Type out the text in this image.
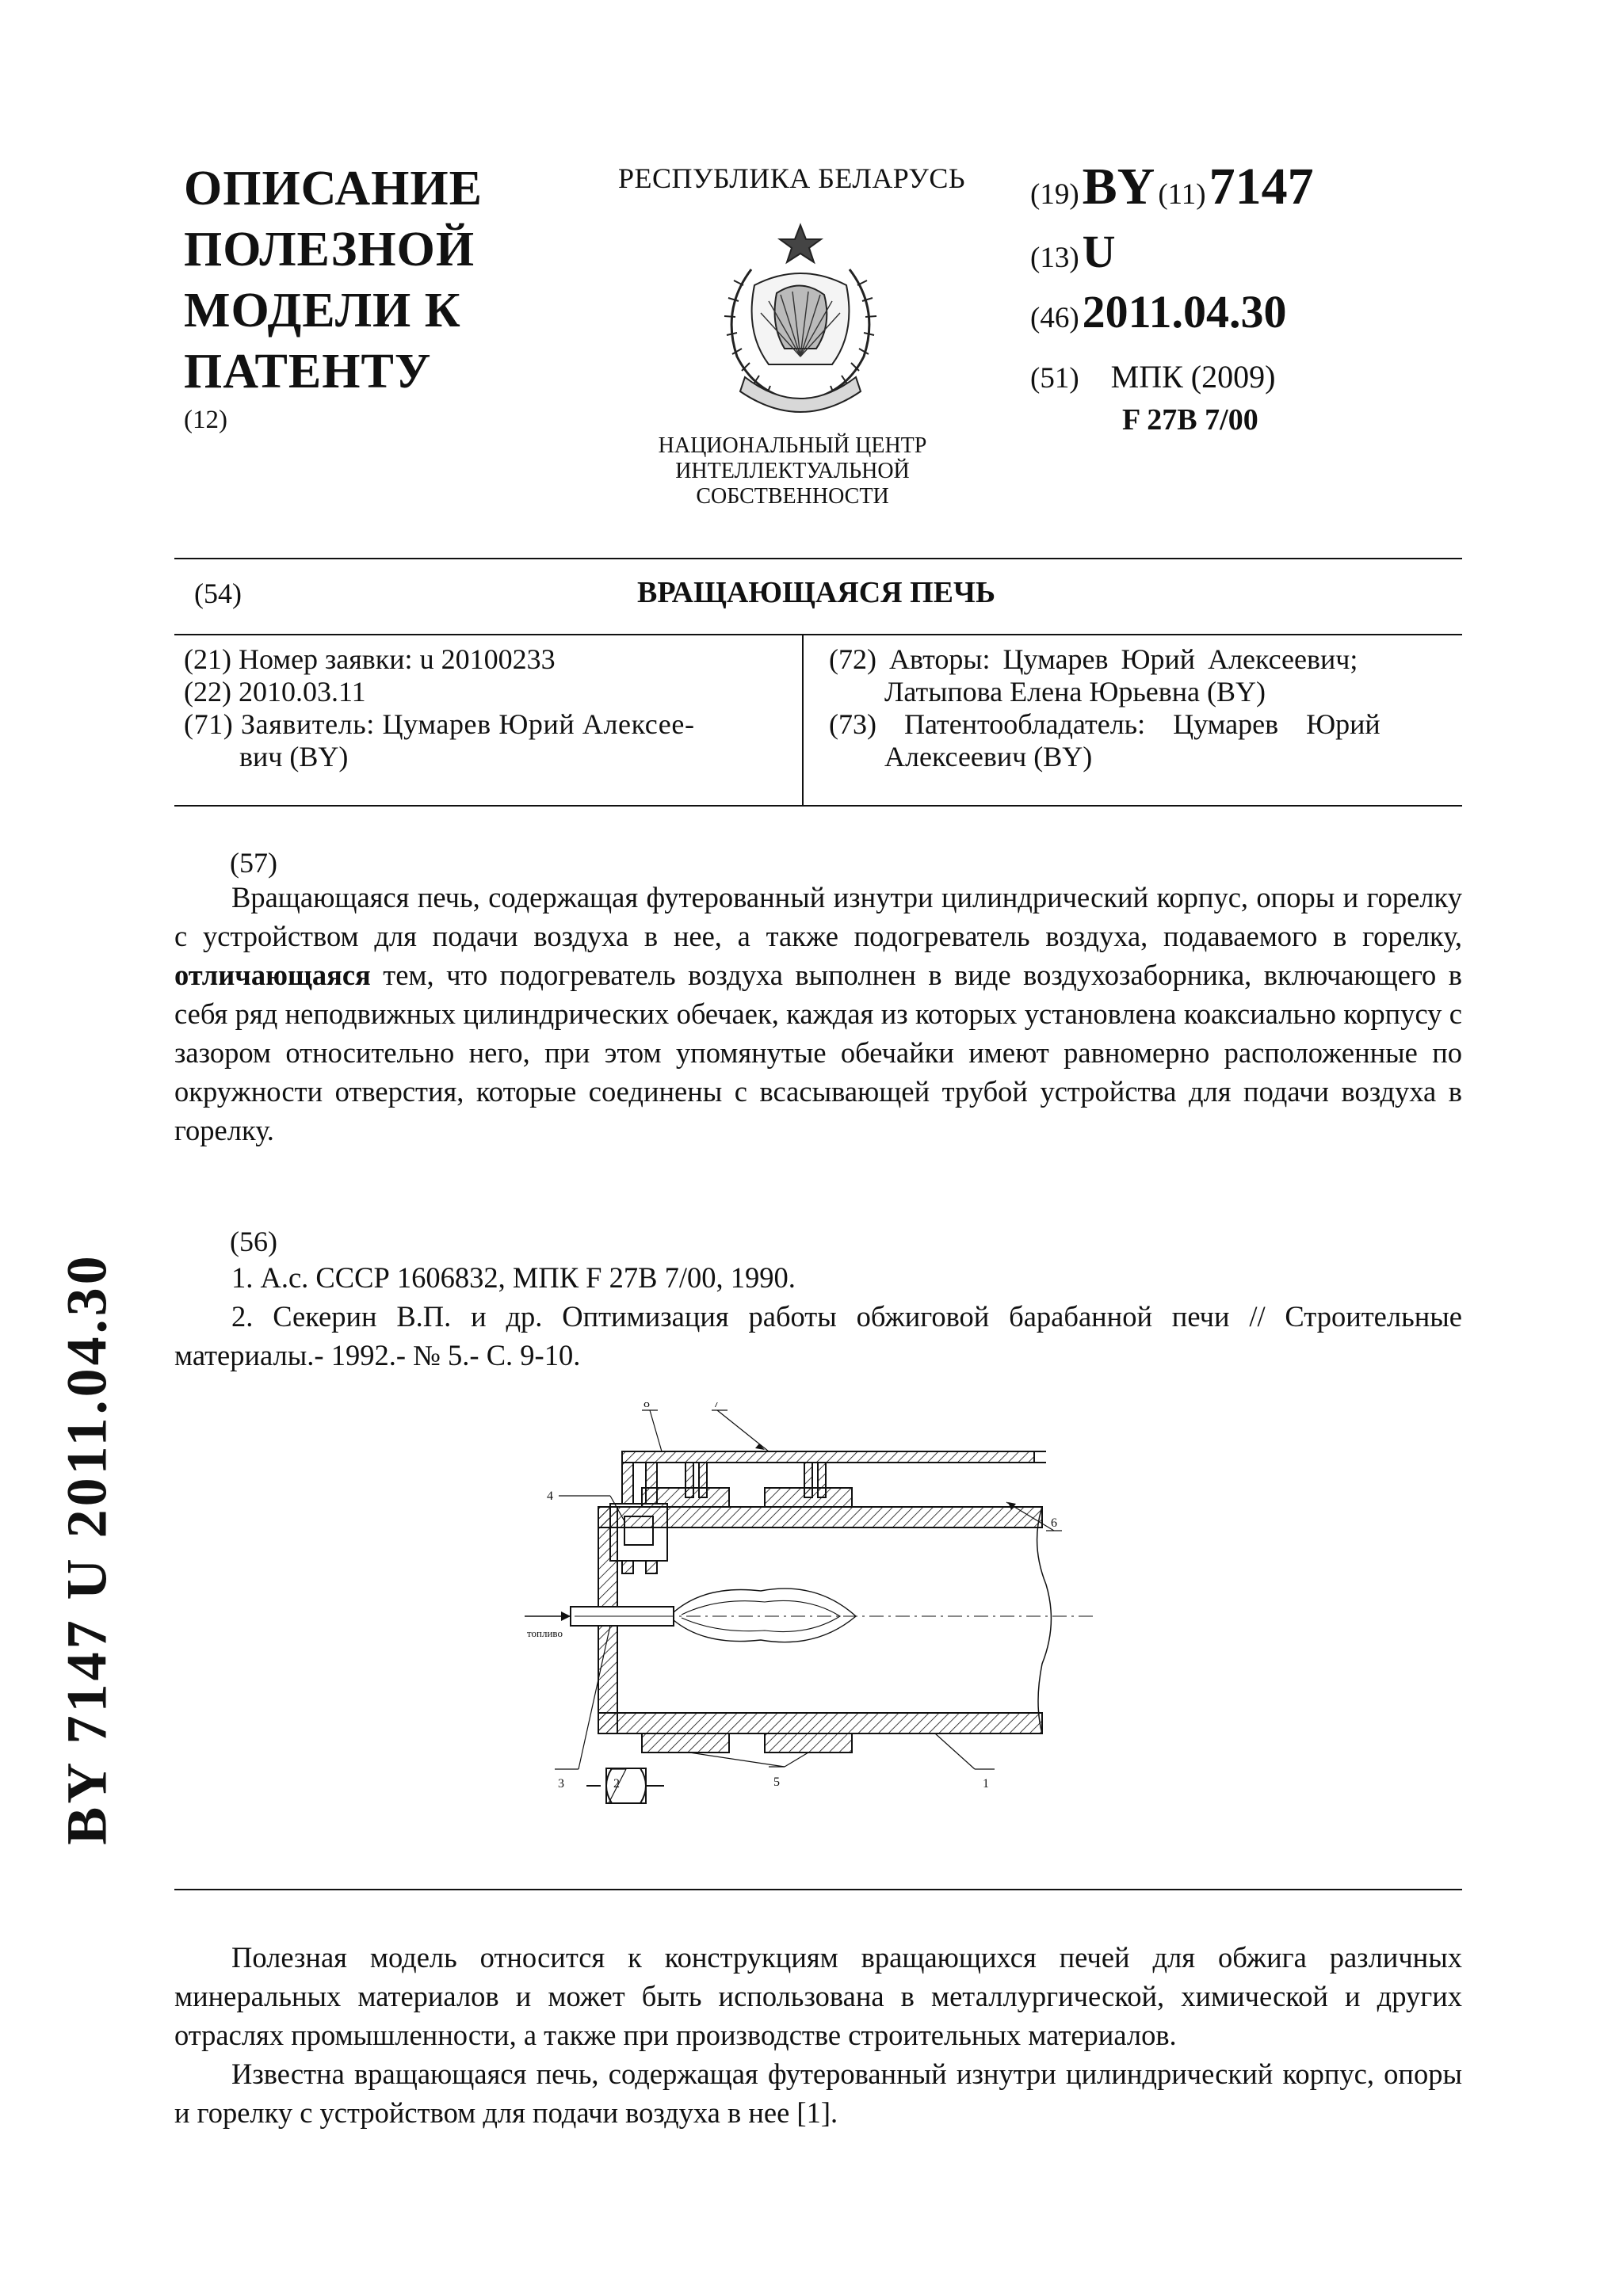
ОПИСАНИЕ
ПОЛЕЗНОЙ
МОДЕЛИ К
ПАТЕНТУ
(12)
РЕСПУБЛИКА БЕЛАРУСЬ
НАЦИОНАЛЬНЫЙ ЦЕНТР
ИНТЕЛЛЕКТУАЛЬНОЙ
СОБСТВЕННОСТИ
(19) BY (11) 7147
(13) U
(46) 2011.04.30
(51) МПК (2009)
F 27B 7/00
(54)	ВРАЩАЮЩАЯСЯ ПЕЧЬ
(21) Номер заявки: u 20100233
(22) 2010.03.11
(71) Заявитель: Цумарев Юрий Алексее-
вич (BY)
(72) Авторы: Цумарев Юрий Алексеевич;
Латыпова Елена Юрьевна (BY)
(73) Патентообладатель: Цумарев Юрий
Алексеевич (BY)
(57)
Вращающаяся печь, содержащая футерованный изнутри цилиндрический корпус, опоры и горелку с устройством для подачи воздуха в нее, а также подогреватель воздуха, подаваемого в горелку, отличающаяся тем, что подогреватель воздуха выполнен в виде воздухозаборника, включающего в себя ряд неподвижных цилиндрических обечаек, каждая из которых установлена коаксиально корпусу с зазором относительно него, при этом упомянутые обечайки имеют равномерно расположенные по окружности отверстия, которые соединены с всасывающей трубой устройства для подачи воздуха в горелку.
(56)
1. А.с. СССР 1606832, МПК F 27B 7/00, 1990.
2. Секерин В.П. и др. Оптимизация работы обжиговой барабанной печи // Строительные материалы.- 1992.- № 5.- С. 9-10.
8	7
4
6
топливо
3	2	5	1
Полезная модель относится к конструкциям вращающихся печей для обжига различных минеральных материалов и может быть использована в металлургической, химической и других отраслях промышленности, а также при производстве строительных материалов.
Известна вращающаяся печь, содержащая футерованный изнутри цилиндрический корпус, опоры и горелку с устройством для подачи воздуха в нее [1].
BY 7147 U 2011.04.30
